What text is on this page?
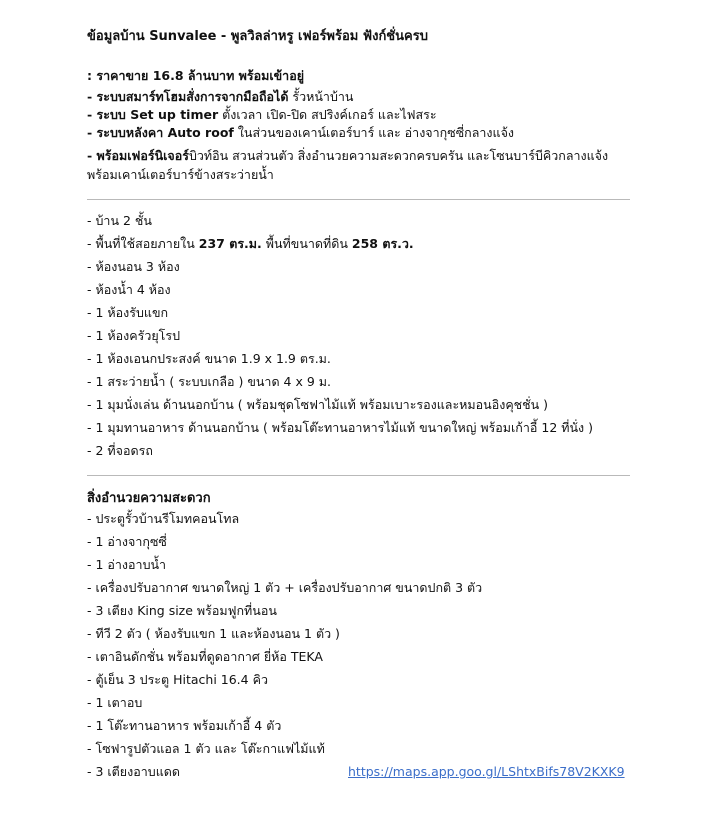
ข้อมูลบ้าน Sunvalee - พูลวิลล่าหรู เฟอร์พร้อม ฟังก์ชั่นครบ
: ราคาขาย 16.8 ล้านบาท พร้อมเข้าอยู่
- ระบบสมาร์ทโฮมสั่งการจากมือถือได้ รั้วหน้าบ้าน
- ระบบ Set up timer ตั้งเวลา เปิด-ปิด สปริงค์เกอร์ และไฟสระ
- ระบบหลังคา Auto roof ในส่วนของเคาน์เตอร์บาร์ และ อ่างจากุซซี่กลางแจ้ง
- พร้อมเฟอร์นิเจอร์บิวท์อิน สวนส่วนตัว สิ่งอำนวยความสะดวกครบครัน และโซนบาร์บีคิวกลางแจ้ง
พร้อมเคาน์เตอร์บาร์ข้างสระว่ายน้ำ
- บ้าน 2 ชั้น
- พื้นที่ใช้สอยภายใน 237 ตร.ม. พื้นที่ขนาดที่ดิน 258 ตร.ว.
- ห้องนอน 3 ห้อง
- ห้องน้ำ 4 ห้อง
- 1 ห้องรับแขก
- 1 ห้องครัวยุโรป
- 1 ห้องเอนกประสงค์ ขนาด 1.9 x 1.9 ตร.ม.
- 1 สระว่ายน้ำ ( ระบบเกลือ ) ขนาด 4 x 9 ม.
- 1 มุมนั่งเล่น ด้านนอกบ้าน ( พร้อมชุดโซฟาไม้แท้ พร้อมเบาะรองและหมอนอิงคุชชั่น )
- 1 มุมทานอาหาร ด้านนอกบ้าน ( พร้อมโต๊ะทานอาหารไม้แท้ ขนาดใหญ่ พร้อมเก้าอี้ 12 ที่นั่ง )
- 2 ที่จอดรถ
สิ่งอำนวยความสะดวก
- ประตูรั้วบ้านรีโมทคอนโทล
- 1 อ่างจากุซซี่
- 1 อ่างอาบน้ำ
- เครื่องปรับอากาศ ขนาดใหญ่ 1 ตัว + เครื่องปรับอากาศ ขนาดปกติ 3 ตัว
- 3 เตียง King size พร้อมฟูกที่นอน
- ทีวี 2 ตัว ( ห้องรับแขก 1 และห้องนอน 1 ตัว )
- เตาอินดักชั่น พร้อมที่ดูดอากาศ ยี่ห้อ TEKA
- ตู้เย็น 3 ประตู Hitachi 16.4 คิว
- 1 เตาอบ
- 1 โต๊ะทานอาหาร พร้อมเก้าอี้ 4 ตัว
- โซฟารูปตัวแอล 1 ตัว และ โต๊ะกาแฟไม้แท้
- 3 เตียงอาบแดด	https://maps.app.goo.gl/LShtxBifs78V2KXK9
